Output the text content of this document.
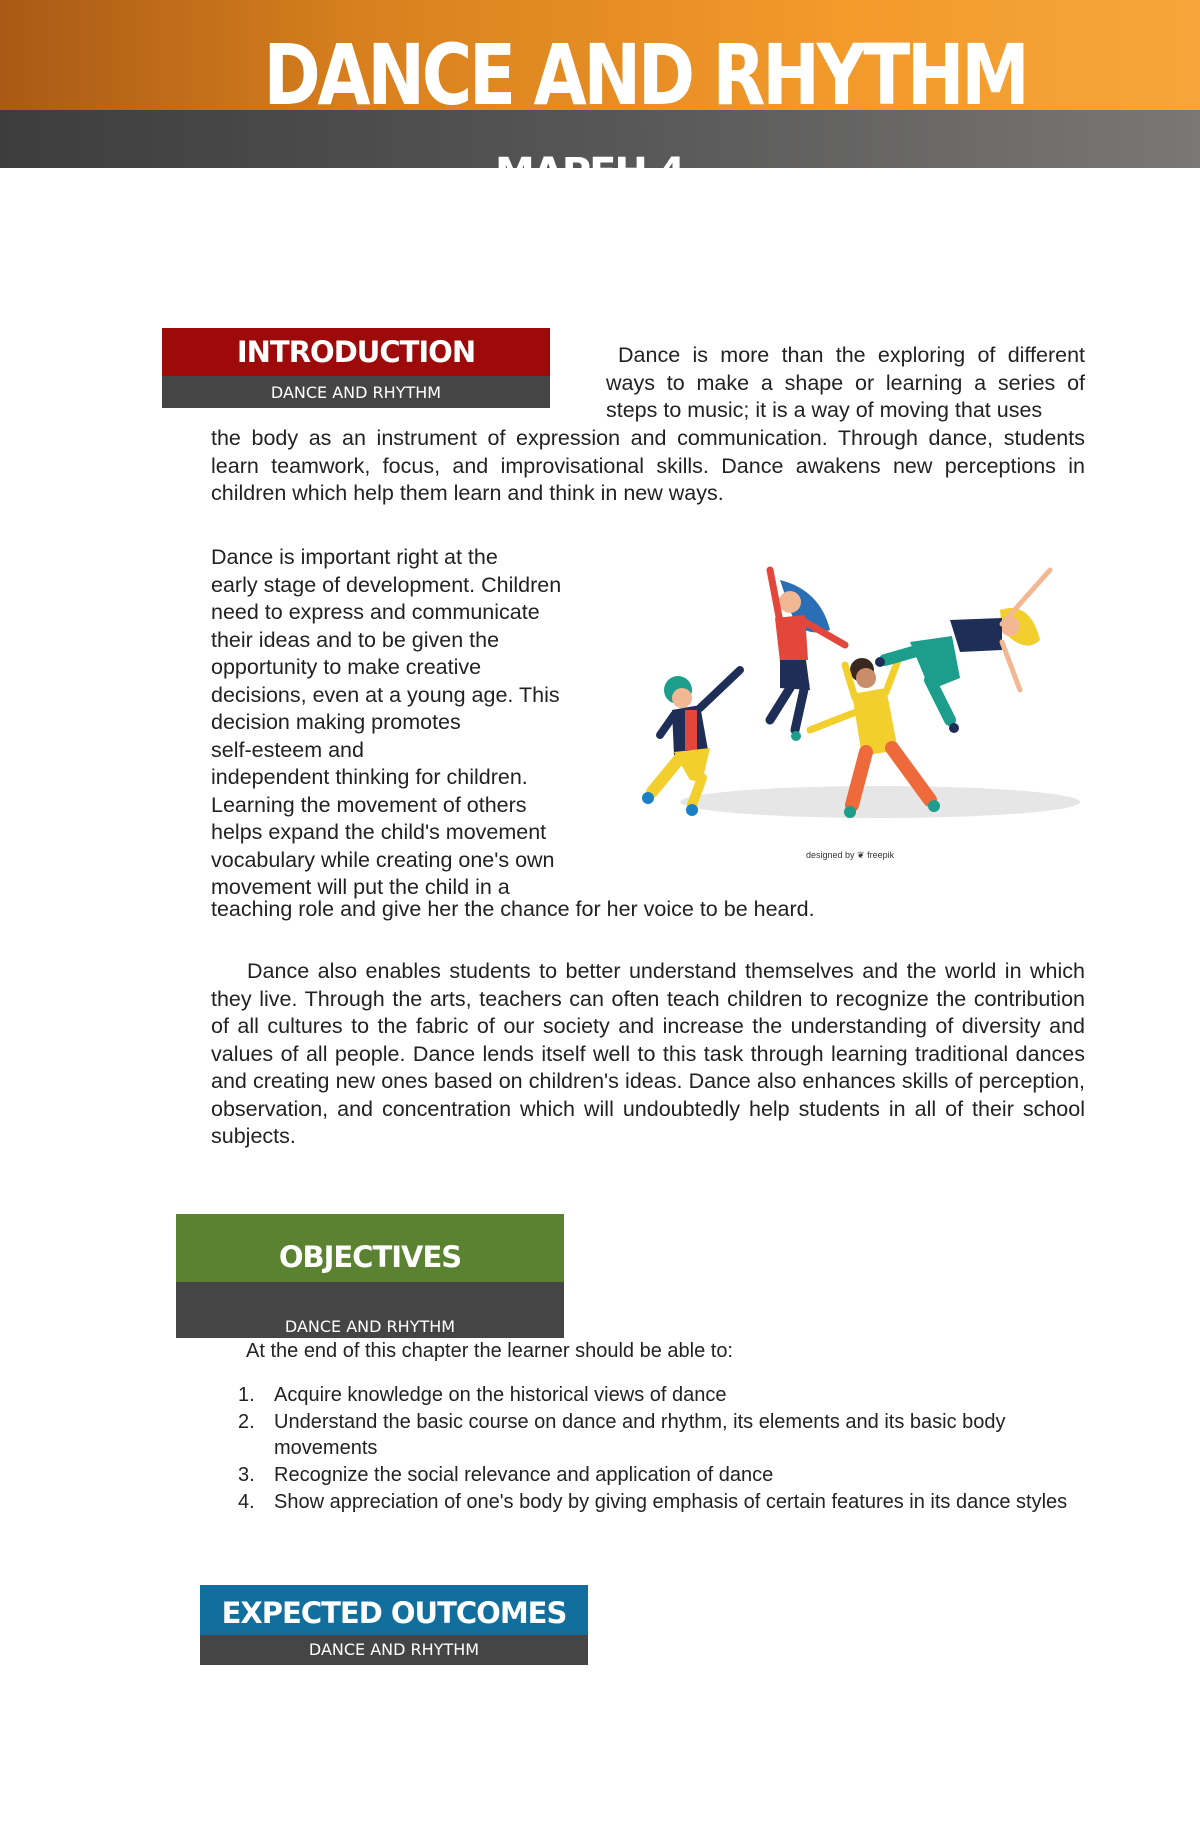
DANCE AND RHYTHM
MAPEH 4
INTRODUCTION
DANCE AND RHYTHM

Dance is more than the exploring of different ways to make a shape or learning a series of steps to music; it is a way of moving that uses

the body as an instrument of expression and communication. Through dance, students learn teamwork, focus, and improvisational skills. Dance awakens new perceptions in children which help them learn and think in new ways.

Dance is important right at the
early stage of development. Children
need to express and communicate
their ideas and to be given the
opportunity to make creative
decisions, even at a young age. This
decision making promotes
self-esteem and
independent thinking for children.
Learning the movement of others
helps expand the child's movement
vocabulary while creating one's own
movement will put the child in a

designed by ❦ freepik

teaching role and give her the chance for her voice to be heard.

Dance also enables students to better understand themselves and the world in which they live. Through the arts, teachers can often teach children to recognize the contribution of all cultures to the fabric of our society and increase the understanding of diversity and values of all people. Dance lends itself well to this task through learning traditional dances and creating new ones based on children's ideas. Dance also enhances skills of perception, observation, and concentration which will undoubtedly help students in all of their school subjects.

OBJECTIVES
DANCE AND RHYTHM
At the end of this chapter the learner should be able to:
1. Acquire knowledge on the historical views of dance
2. Understand the basic course on dance and rhythm, its elements and its basic body movements
3. Recognize the social relevance and application of dance
4. Show appreciation of one's body by giving emphasis of certain features in its dance styles
EXPECTED OUTCOMES
DANCE AND RHYTHM
